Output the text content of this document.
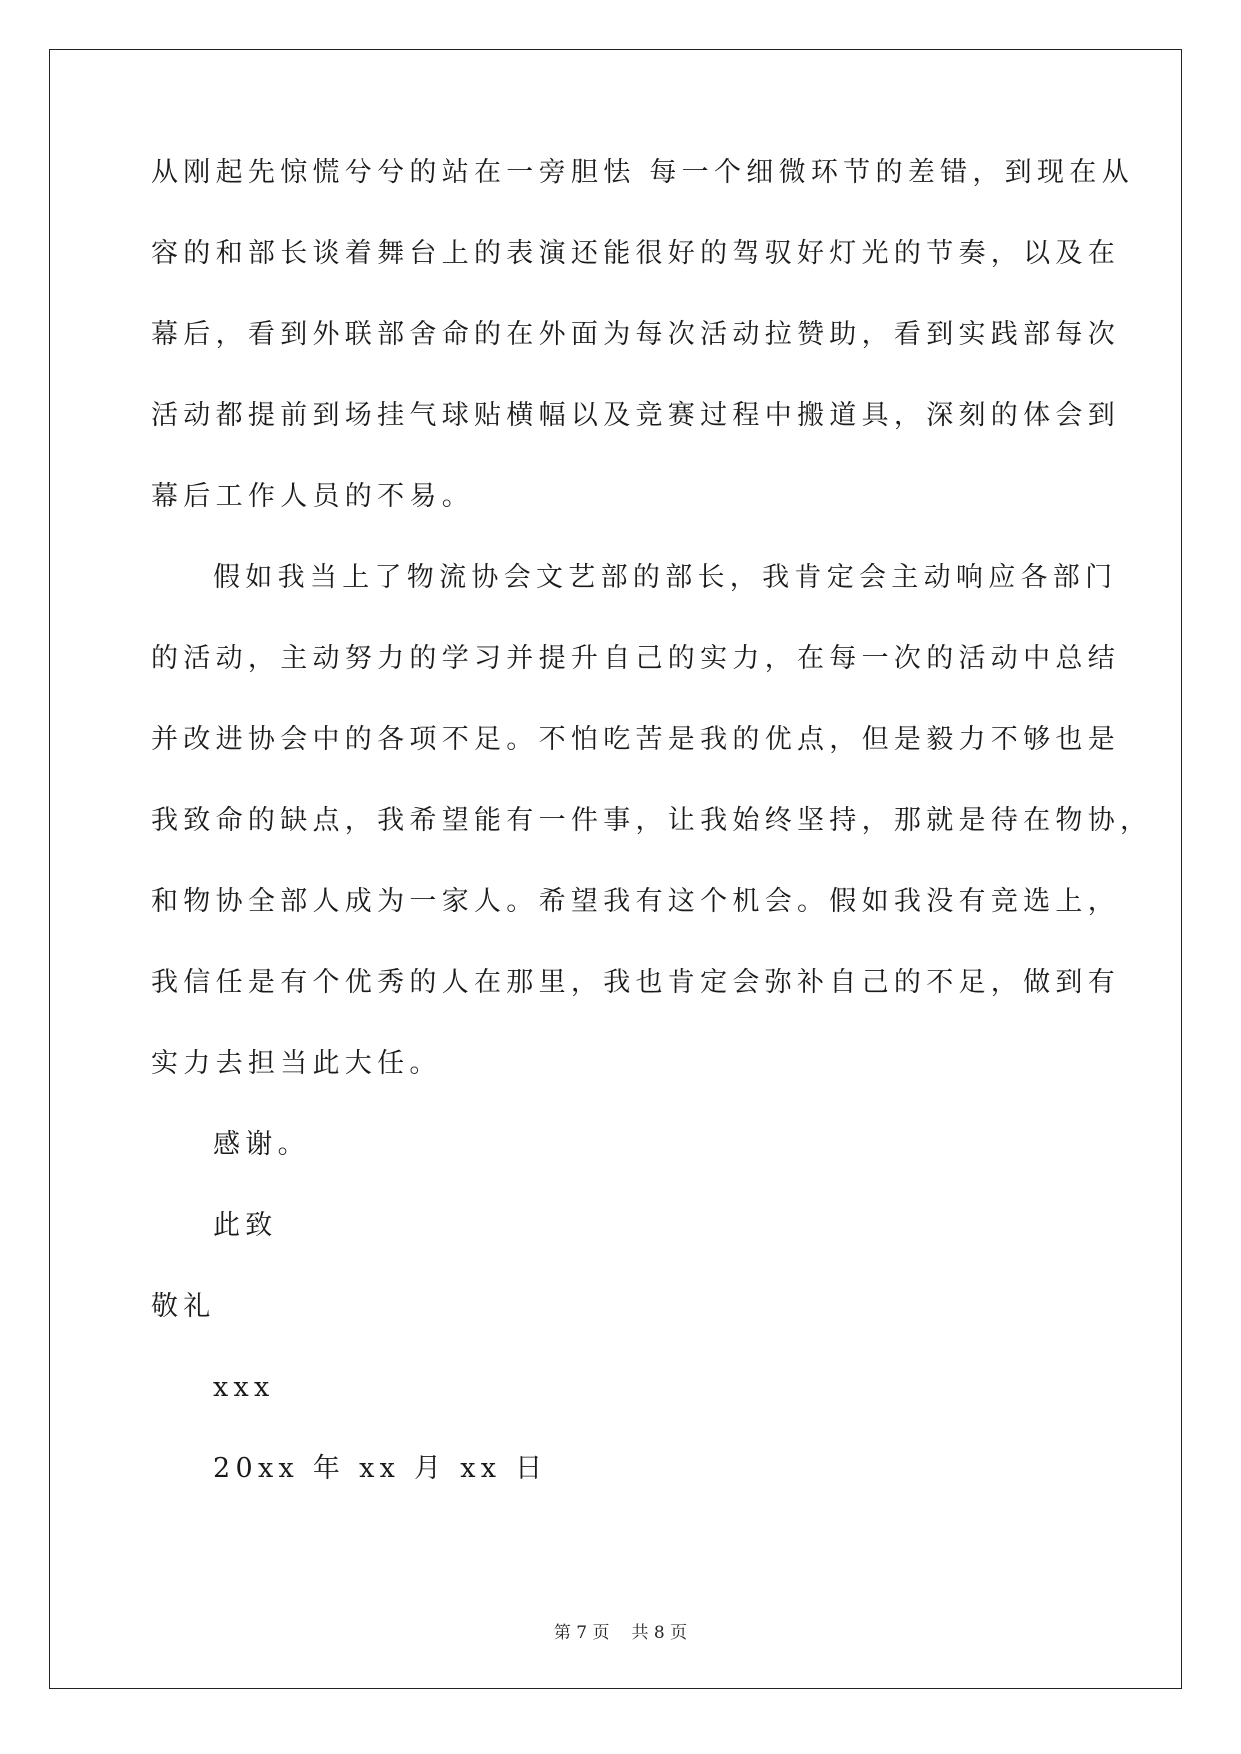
从刚起先惊慌兮兮的站在一旁胆怯 每一个细微环节的差错，到现在从
容的和部长谈着舞台上的表演还能很好的驾驭好灯光的节奏，以及在
幕后，看到外联部舍命的在外面为每次活动拉赞助，看到实践部每次
活动都提前到场挂气球贴横幅以及竞赛过程中搬道具，深刻的体会到
幕后工作人员的不易。
假如我当上了物流协会文艺部的部长，我肯定会主动响应各部门
的活动，主动努力的学习并提升自己的实力，在每一次的活动中总结
并改进协会中的各项不足。不怕吃苦是我的优点，但是毅力不够也是
我致命的缺点，我希望能有一件事，让我始终坚持，那就是待在物协，
和物协全部人成为一家人。希望我有这个机会。假如我没有竞选上，
我信任是有个优秀的人在那里，我也肯定会弥补自己的不足，做到有
实力去担当此大任。
感谢。
此致
敬礼
xxx
20xx 年 xx 月 xx 日
第 7 页 共 8 页
